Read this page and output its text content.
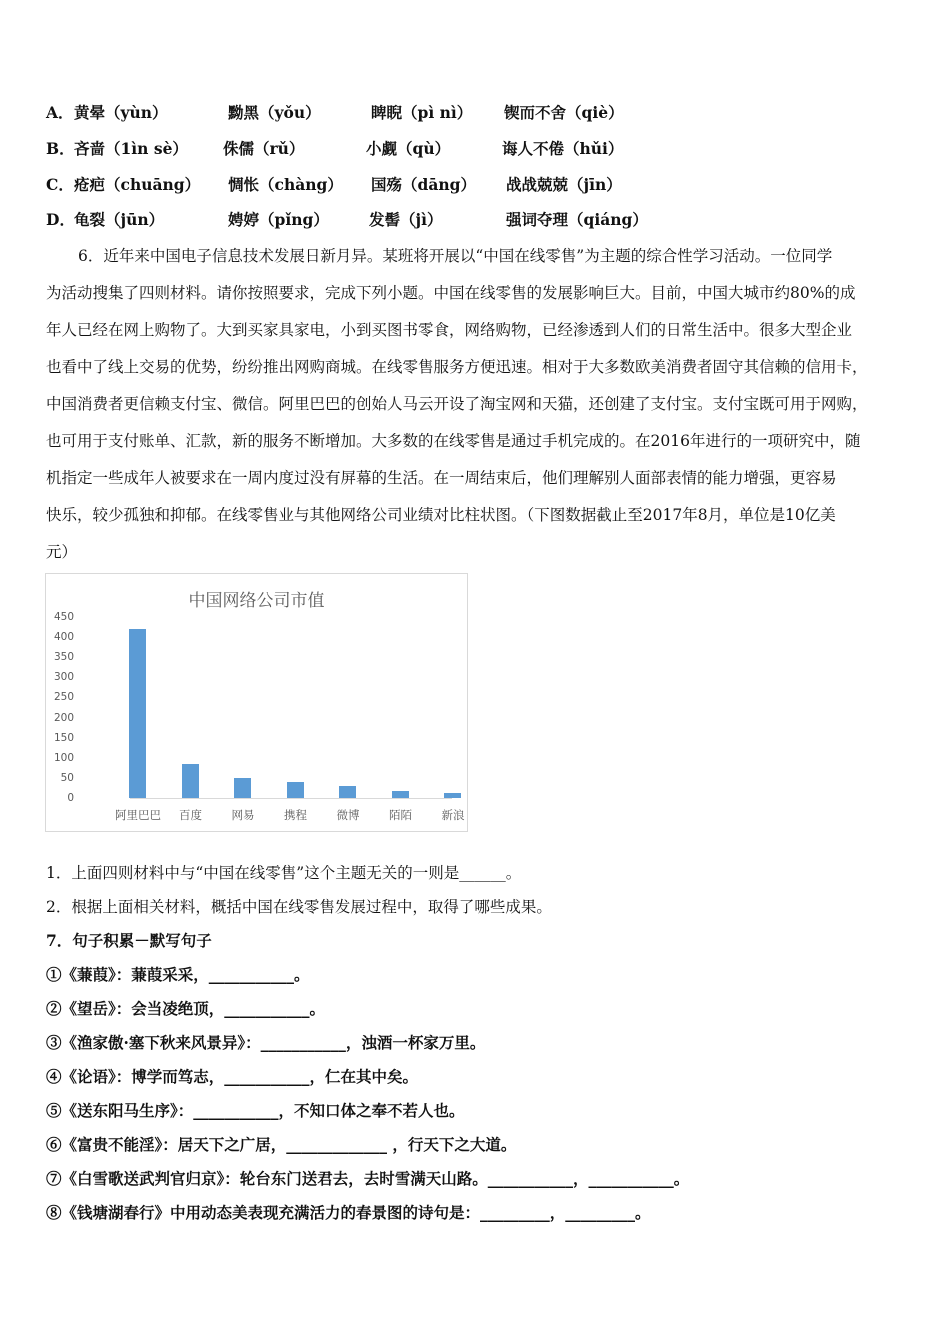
A． 黄晕（yùn）	黝黑（yǒu）	睥睨（pì nì） 锲而不舍（qiè）
B． 吝啬（1ìn sè） 侏儒（rǔ）	小觑（qù）	诲人不倦（hǔi）
C． 疮疤（chuāng） 惆怅（chàng） 国殇（dāng） 战战兢兢（jīn）
D． 龟裂（jūn）	娉婷（pǐng）	发髻（jì）	强词夺理（qiáng）
6．近年来中国电子信息技术发展日新月异。某班将开展以“中国在线零售”为主题的综合性学习活动。一位同学
为活动搜集了四则材料。请你按照要求，完成下列小题。中国在线零售的发展影响巨大。目前，中国大城市约80%的成
年人已经在网上购物了。大到买家具家电，小到买图书零食，网络购物，已经渗透到人们的日常生活中。很多大型企业
也看中了线上交易的优势，纷纷推出网购商城。在线零售服务方便迅速。相对于大多数欧美消费者固守其信赖的信用卡，
中国消费者更信赖支付宝、微信。阿里巴巴的创始人马云开设了淘宝网和天猫，还创建了支付宝。支付宝既可用于网购，
也可用于支付账单、汇款，新的服务不断增加。大多数的在线零售是通过手机完成的。在2016年进行的一项研究中，随
机指定一些成年人被要求在一周内度过没有屏幕的生活。在一周结束后，他们理解别人面部表情的能力增强，更容易
快乐，较少孤独和抑郁。在线零售业与其他网络公司业绩对比柱状图。（下图数据截止至2017年8月，单位是10亿美
元）
中国网络公司市值
0
50
100
150
200
250
300
350
400
450
阿里巴巴	百度	网易	携程	微博	陌陌	新浪
1．上面四则材料中与“中国在线零售”这个主题无关的一则是______。
2．根据上面相关材料，概括中国在线零售发展过程中，取得了哪些成果。
7．句子积累－默写句子
①《蒹葭》：蒹葭采采，___________。
②《望岳》：会当凌绝顶，___________。
③《渔家傲·塞下秋来风景异》：___________，浊酒一杯家万里。
④《论语》：博学而笃志，___________，仁在其中矣。
⑤《送东阳马生序》：___________，不知口体之奉不若人也。
⑥《富贵不能淫》：居天下之广居，_____________ ，行天下之大道。
⑦《白雪歌送武判官归京》：轮台东门送君去，去时雪满天山路。___________，___________。
⑧《钱塘湖春行》中用动态美表现充满活力的春景图的诗句是：_________，_________。
